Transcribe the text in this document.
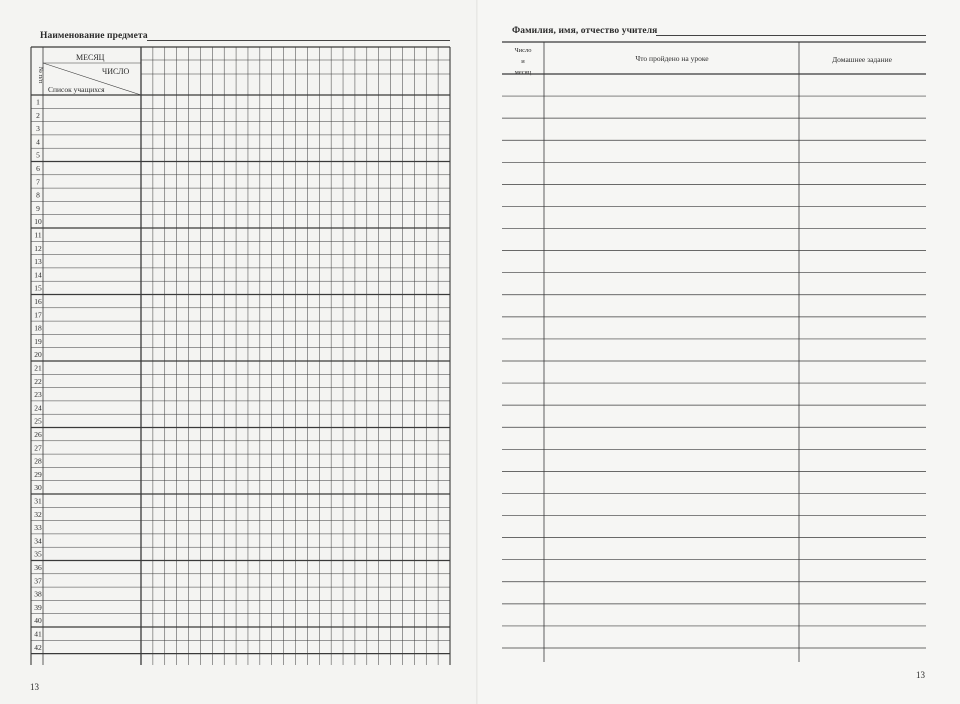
Наименование предмета
№ п/п
МЕСЯЦ
ЧИСЛО
Список учащихся
1
2
3
4
5
6
7
8
9
10
11
12
13
14
15
16
17
18
19
20
21
22
23
24
25
26
27
28
29
30
31
32
33
34
35
36
37
38
39
40
41
42
13
Фамилия, имя, отчество учителя
Число
и
месяц
Что пройдено на уроке	Домашнее задание
13
